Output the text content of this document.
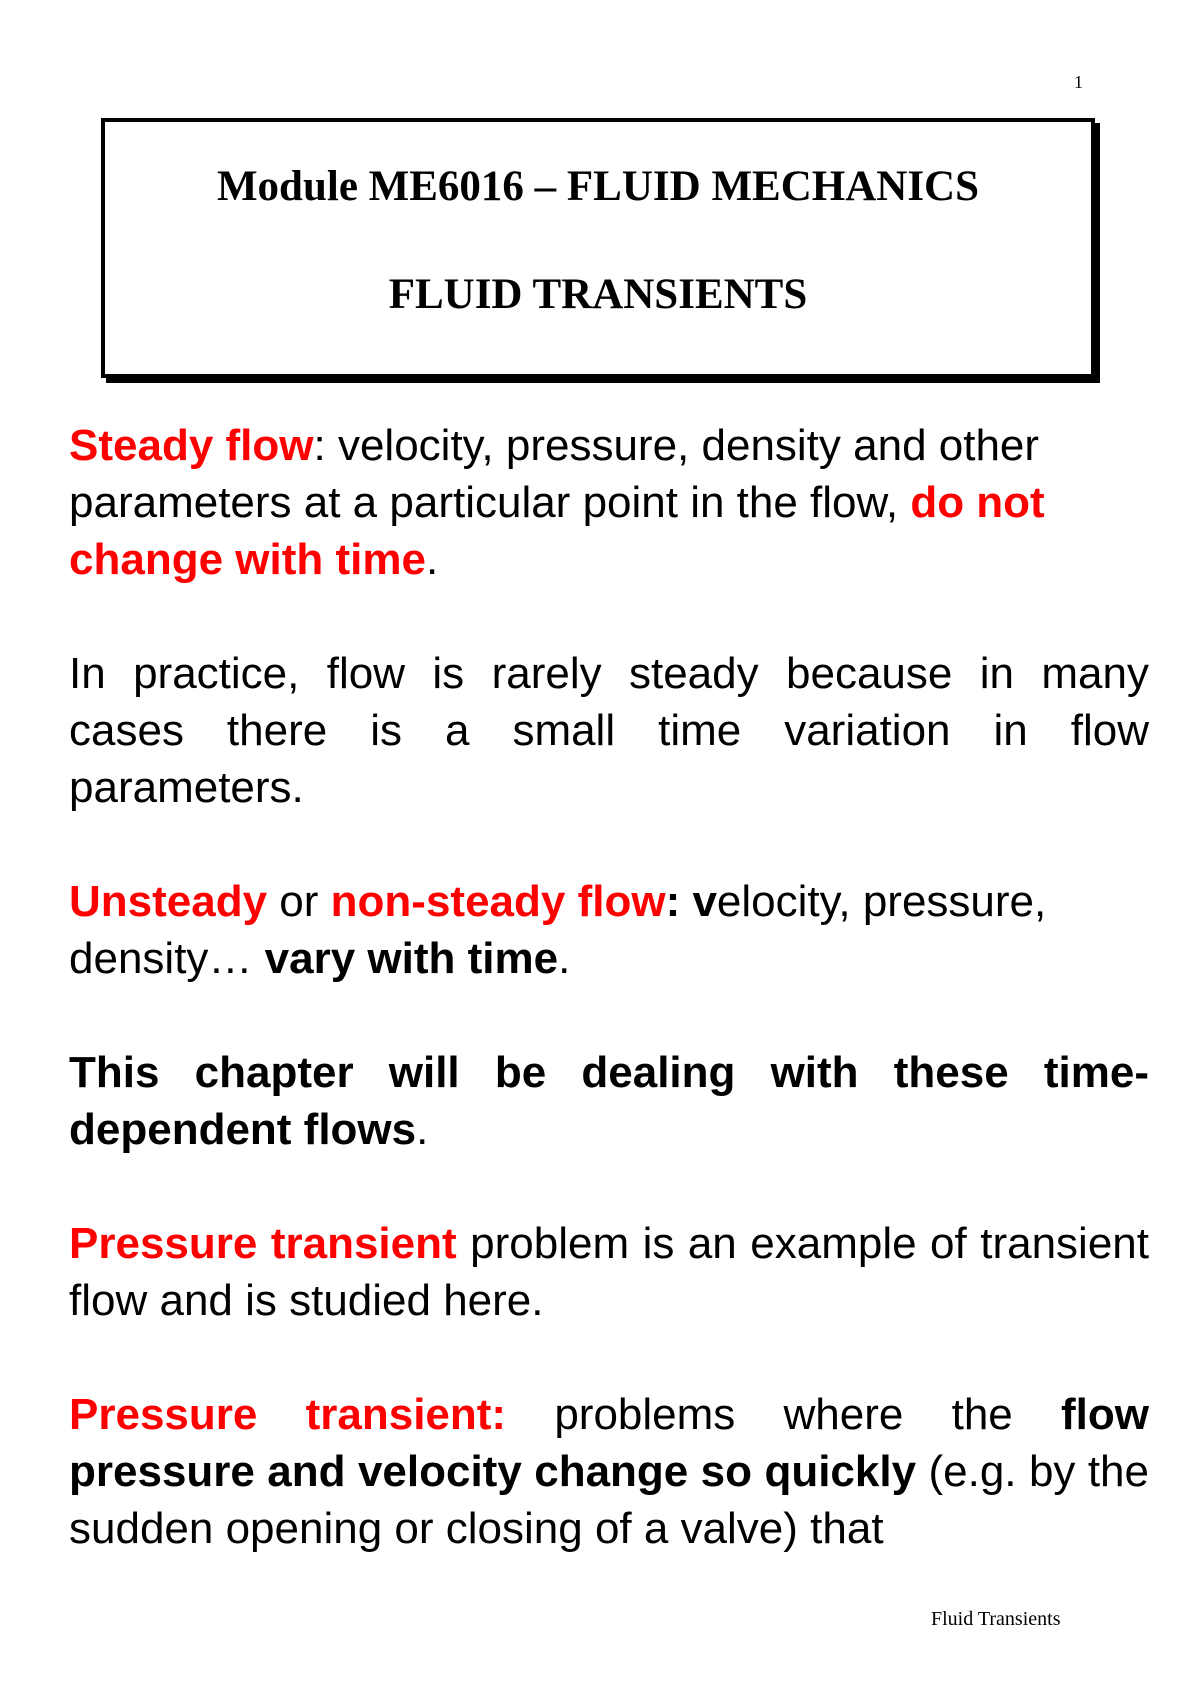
1
Module ME6016 – FLUID MECHANICS
FLUID TRANSIENTS

Steady flow: velocity, pressure, density and other parameters at a particular point in the flow, do not change with time.

In practice, flow is rarely steady because in many cases there is a small time variation in flow parameters.

Unsteady or non-steady flow: velocity, pressure, density… vary with time.

This chapter will be dealing with these time-dependent flows.

Pressure transient problem is an example of transient flow and is studied here.

Pressure transient: problems where the flow pressure and velocity change so quickly (e.g. by the sudden opening or closing of a valve) that

Fluid Transients
